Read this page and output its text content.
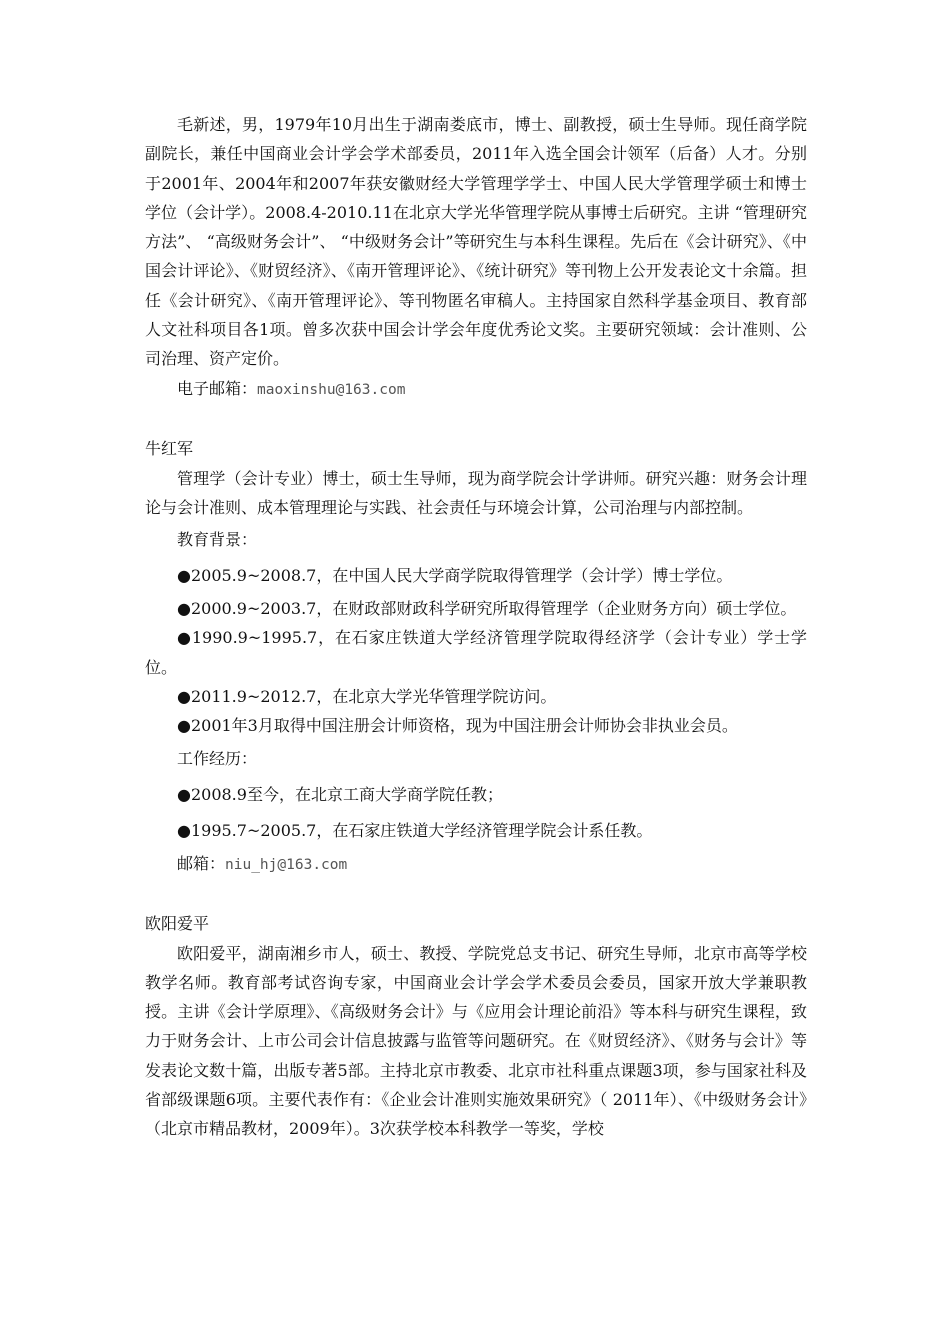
毛新述，男，1979年10月出生于湖南娄底市，博士、副教授，硕士生导师。现任商学院副院长，兼任中国商业会计学会学术部委员，2011年入选全国会计领军（后备）人才。分别于2001年、2004年和2007年获安徽财经大学管理学学士、中国人民大学管理学硕士和博士学位（会计学）。2008.4-2010.11在北京大学光华管理学院从事博士后研究。主讲 “管理研究方法”、 “高级财务会计”、 “中级财务会计”等研究生与本科生课程。先后在《会计研究》、《中国会计评论》、《财贸经济》、《南开管理评论》、《统计研究》等刊物上公开发表论文十余篇。担任《会计研究》、《南开管理评论》、等刊物匿名审稿人。主持国家自然科学基金项目、教育部人文社科项目各1项。曾多次获中国会计学会年度优秀论文奖。主要研究领域：会计准则、公司治理、资产定价。

电子邮箱：maoxinshu@163.com

牛红军

管理学（会计专业）博士，硕士生导师，现为商学院会计学讲师。研究兴趣：财务会计理论与会计准则、成本管理理论与实践、社会责任与环境会计算，公司治理与内部控制。

教育背景：

●2005.9~2008.7，在中国人民大学商学院取得管理学（会计学）博士学位。

●2000.9~2003.7，在财政部财政科学研究所取得管理学（企业财务方向）硕士学位。

●1990.9~1995.7，在石家庄铁道大学经济管理学院取得经济学（会计专业）学士学位。

●2011.9~2012.7，在北京大学光华管理学院访问。

●2001年3月取得中国注册会计师资格，现为中国注册会计师协会非执业会员。

工作经历：

●2008.9至今，在北京工商大学商学院任教；

●1995.7~2005.7，在石家庄铁道大学经济管理学院会计系任教。

邮箱：niu_hj@163.com

欧阳爱平

欧阳爱平，湖南湘乡市人，硕士、教授、学院党总支书记、研究生导师，北京市高等学校教学名师。教育部考试咨询专家，中国商业会计学会学术委员会委员，国家开放大学兼职教授。主讲《会计学原理》、《高级财务会计》与《应用会计理论前沿》等本科与研究生课程，致力于财务会计、上市公司会计信息披露与监管等问题研究。在《财贸经济》、《财务与会计》等发表论文数十篇，出版专著5部。主持北京市教委、北京市社科重点课题3项，参与国家社科及省部级课题6项。主要代表作有：《企业会计准则实施效果研究》（ 2011年）、《中级财务会计》（北京市精品教材，2009年）。3次获学校本科教学一等奖，学校
